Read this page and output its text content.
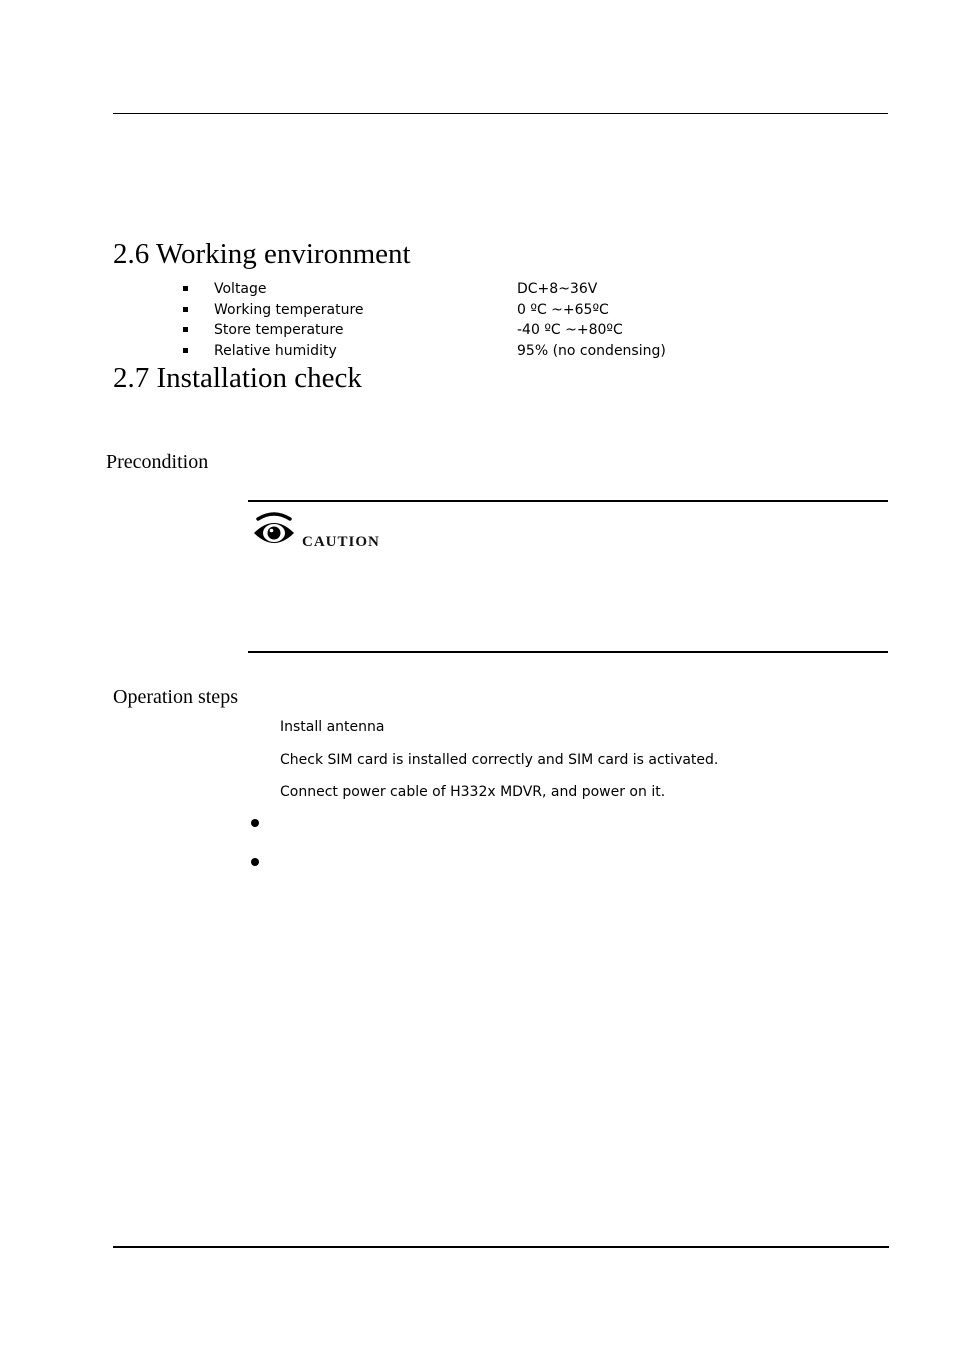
2.6 Working environment
Voltage	DC+8~36V
Working temperature	0 ºC ~+65ºC
Store temperature	-40 ºC ~+80ºC
Relative humidity	95% (no condensing)
2.7 Installation check
Precondition
CAUTION
Operation steps
Install antenna
Check SIM card is installed correctly and SIM card is activated.
Connect power cable of H332x MDVR, and power on it.
